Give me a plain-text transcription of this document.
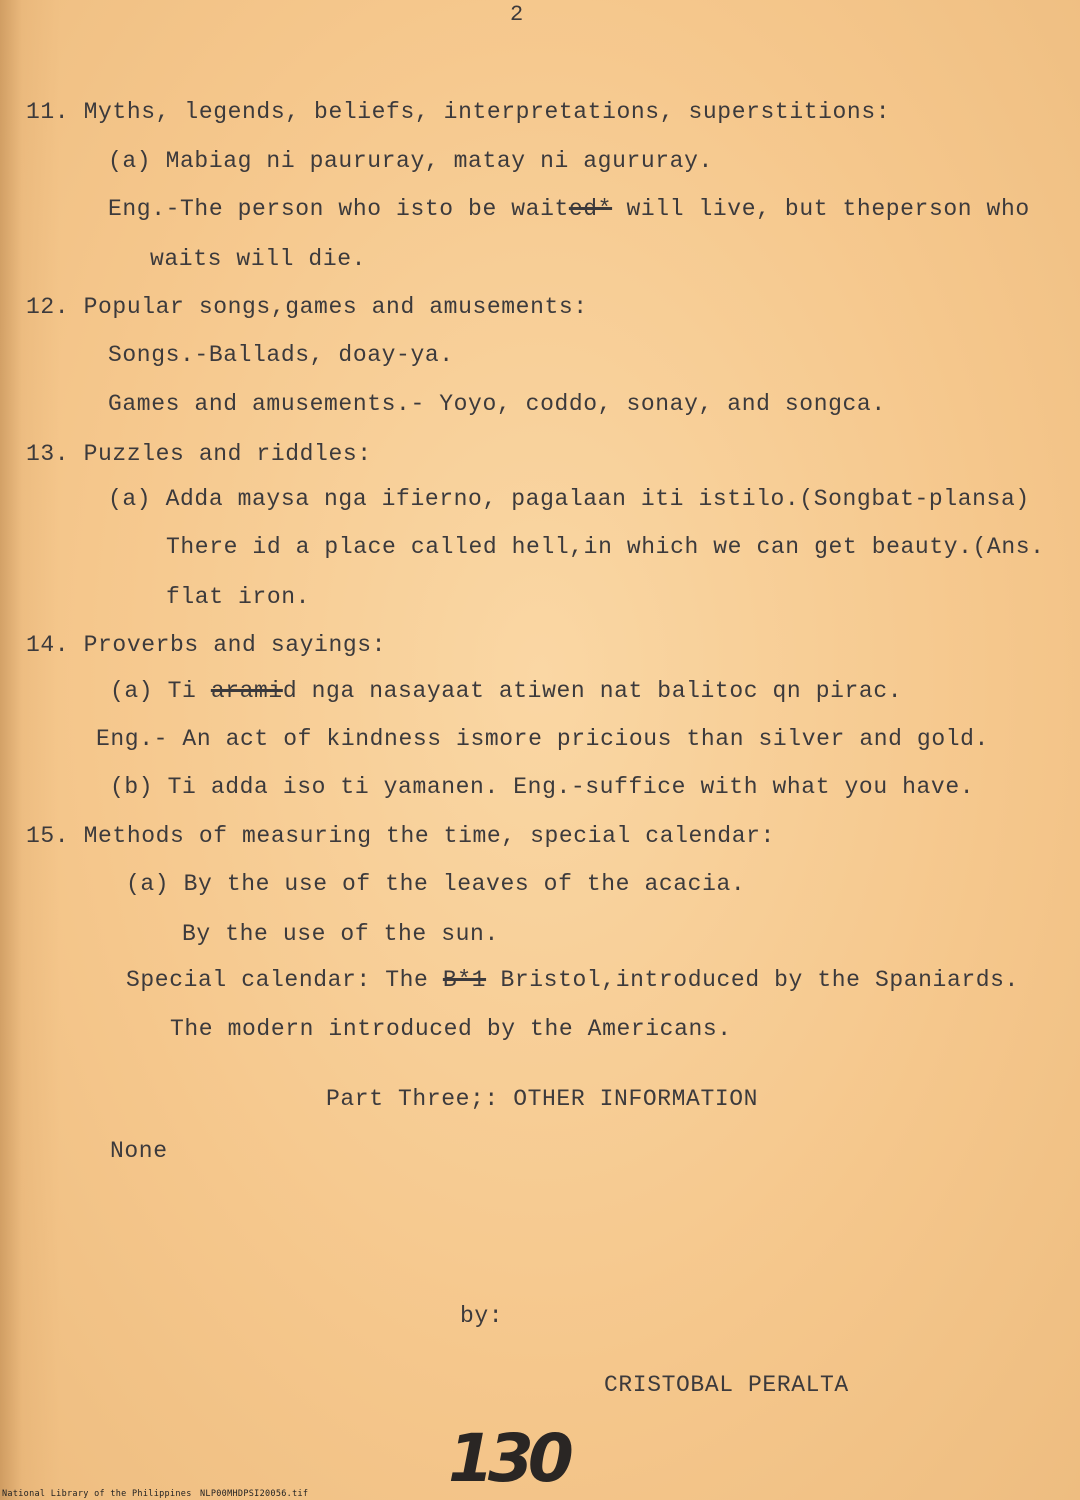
2
11. Myths, legends, beliefs, interpretations, superstitions:
(a) Mabiag ni paururay, matay ni agururay.
Eng.-The person who isto be waited* will live, but theperson who
waits will die.
12. Popular songs,games and amusements:
Songs.-Ballads, doay-ya.
Games and amusements.- Yoyo, coddo, sonay, and songca.
13. Puzzles and riddles:
(a) Adda maysa nga ifierno, pagalaan iti istilo.(Songbat-plansa)
There id a place called hell,in which we can get beauty.(Ans.
flat iron.
14. Proverbs and sayings:
(a) Ti aramid nga nasayaat atiwen nat balitoc qn pirac.
Eng.- An act of kindness ismore pricious than silver and gold.
(b) Ti adda iso ti yamanen. Eng.-suffice with what you have.
15. Methods of measuring the time, special calendar:
(a) By the use of the leaves of the acacia.
By the use of the sun.
Special calendar: The B*1 Bristol,introduced by the Spaniards.
The modern introduced by the Americans.
Part Three;: OTHER INFORMATION
None
by:
CRISTOBAL PERALTA
130
National Library of the Philippines NLP00MHDPSI20056.tif
